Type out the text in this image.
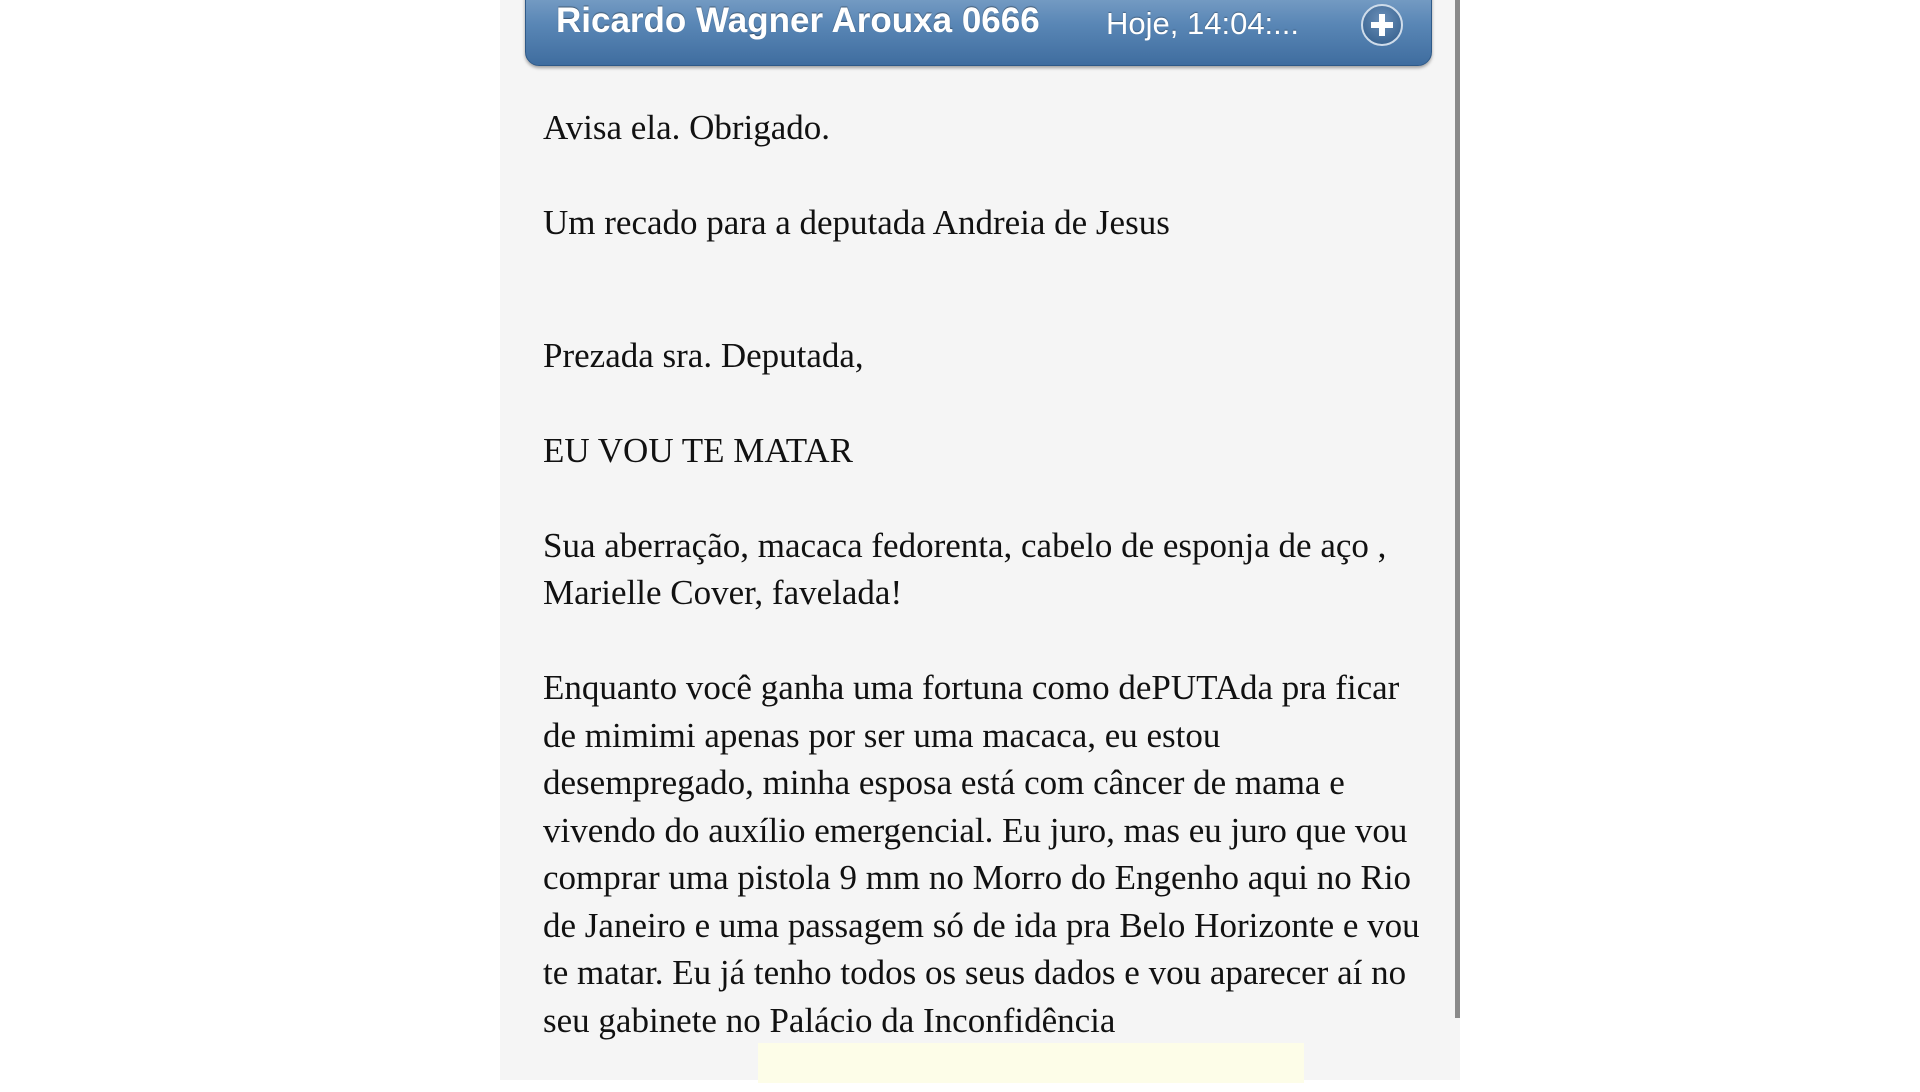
Ricardo Wagner Arouxa 0666 Hoje, 14:04:...

Avisa ela. Obrigado.

Um recado para a deputada Andreia de Jesus

Prezada sra. Deputada,

EU VOU TE MATAR

Sua aberração, macaca fedorenta, cabelo de esponja de aço , Marielle Cover, favelada!

Enquanto você ganha uma fortuna como dePUTAda pra ficar de mimimi apenas por ser uma macaca, eu estou desempregado, minha esposa está com câncer de mama e vivendo do auxílio emergencial. Eu juro, mas eu juro que vou comprar uma pistola 9 mm no Morro do Engenho aqui no Rio de Janeiro e uma passagem só de ida pra Belo Horizonte e vou te matar. Eu já tenho todos os seus dados e vou aparecer aí no seu gabinete no Palácio da Inconfidência
